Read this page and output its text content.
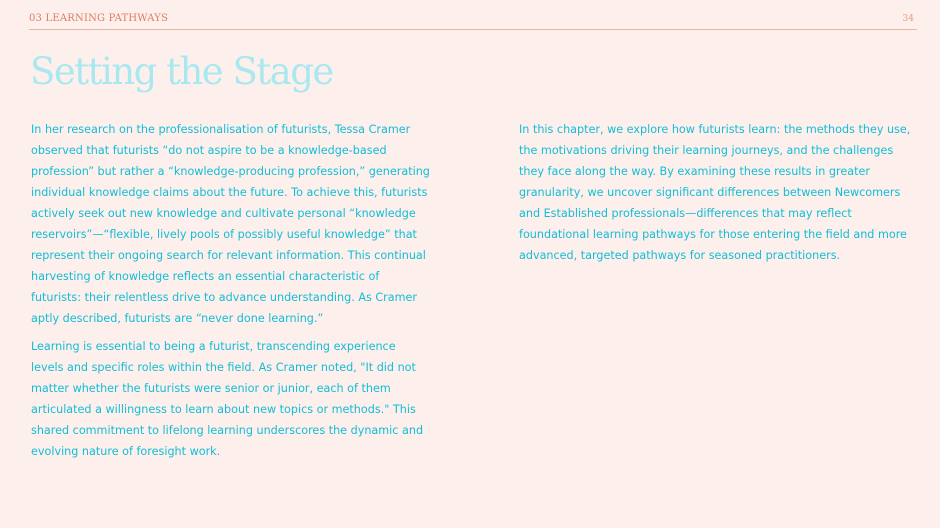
03 LEARNING PATHWAYS	34
Setting the Stage

In her research on the professionalisation of futurists, Tessa Cramer observed that futurists “do not aspire to be a knowledge-based profession” but rather a “knowledge-producing profession,” generating individual knowledge claims about the future. To achieve this, futurists actively seek out new knowledge and cultivate personal “knowledge reservoirs”—“flexible, lively pools of possibly useful knowledge” that represent their ongoing search for relevant information. This continual harvesting of knowledge reflects an essential characteristic of futurists: their relentless drive to advance understanding. As Cramer aptly described, futurists are “never done learning.”

Learning is essential to being a futurist, transcending experience levels and specific roles within the field. As Cramer noted, "It did not matter whether the futurists were senior or junior, each of them articulated a willingness to learn about new topics or methods." This shared commitment to lifelong learning underscores the dynamic and evolving nature of foresight work.

In this chapter, we explore how futurists learn: the methods they use, the motivations driving their learning journeys, and the challenges they face along the way. By examining these results in greater granularity, we uncover significant differences between Newcomers and Established professionals—differences that may reflect foundational learning pathways for those entering the field and more advanced, targeted pathways for seasoned practitioners.
